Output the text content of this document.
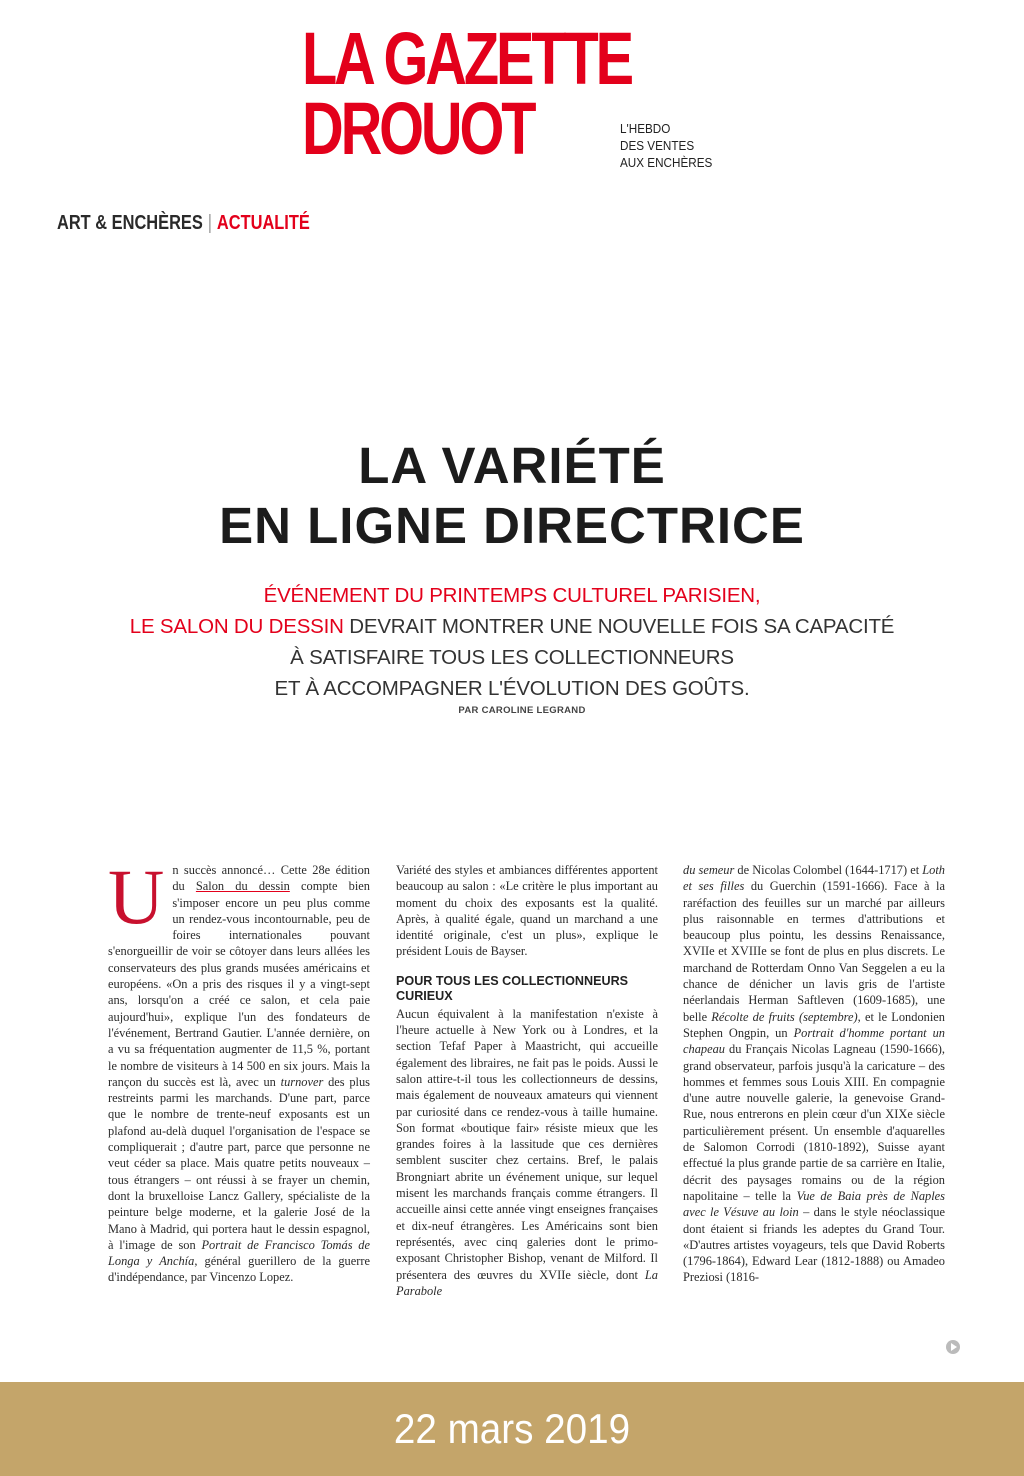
LA GAZETTE
DROUOT	L'HEBDO
DES VENTES
AUX ENCHÈRES
ART & ENCHÈRES | ACTUALITÉ
LA VARIÉTÉ
EN LIGNE DIRECTRICE
ÉVÉNEMENT DU PRINTEMPS CULTUREL PARISIEN,
LE SALON DU DESSIN DEVRAIT MONTRER UNE NOUVELLE FOIS SA CAPACITÉ
À SATISFAIRE TOUS LES COLLECTIONNEURS
ET À ACCOMPAGNER L'ÉVOLUTION DES GOÛTS.
PAR CAROLINE LEGRAND
Un succès annoncé… Cette 28e édition du Salon du dessin compte bien s'imposer encore un peu plus comme un rendez-vous incontournable, peu de foires internationales pouvant s'enorgueillir de voir se côtoyer dans leurs allées les conservateurs des plus grands musées américains et européens. «On a pris des risques il y a vingt-sept ans, lorsqu'on a créé ce salon, et cela paie aujourd'hui», explique l'un des fondateurs de l'événement, Bertrand Gautier. L'année dernière, on a vu sa fréquentation augmenter de 11,5 %, portant le nombre de visiteurs à 14 500 en six jours. Mais la rançon du succès est là, avec un turnover des plus restreints parmi les marchands. D'une part, parce que le nombre de trente-neuf exposants est un plafond au-delà duquel l'organisation de l'espace se compliquerait ; d'autre part, parce que personne ne veut céder sa place. Mais quatre petits nouveaux – tous étrangers – ont réussi à se frayer un chemin, dont la bruxelloise Lancz Gallery, spécialiste de la peinture belge moderne, et la galerie José de la Mano à Madrid, qui portera haut le dessin espagnol, à l'image de son Portrait de Francisco Tomás de Longa y Anchía, général guerillero de la guerre d'indépendance, par Vincenzo Lopez.
Variété des styles et ambiances différentes apportent beaucoup au salon : «Le critère le plus important au moment du choix des exposants est la qualité. Après, à qualité égale, quand un marchand a une identité originale, c'est un plus», explique le président Louis de Bayser.
POUR TOUS LES COLLECTIONNEURS CURIEUX
Aucun équivalent à la manifestation n'existe à l'heure actuelle à New York ou à Londres, et la section Tefaf Paper à Maastricht, qui accueille également des libraires, ne fait pas le poids. Aussi le salon attire-t-il tous les collectionneurs de dessins, mais également de nouveaux amateurs qui viennent par curiosité dans ce rendez-vous à taille humaine. Son format «boutique fair» résiste mieux que les grandes foires à la lassitude que ces dernières semblent susciter chez certains. Bref, le palais Brongniart abrite un événement unique, sur lequel misent les marchands français comme étrangers. Il accueille ainsi cette année vingt enseignes françaises et dix-neuf étrangères. Les Américains sont bien représentés, avec cinq galeries dont le primo-exposant Christopher Bishop, venant de Milford. Il présentera des œuvres du XVIIe siècle, dont La Parabole
du semeur de Nicolas Colombel (1644-1717) et Loth et ses filles du Guerchin (1591-1666). Face à la raréfaction des feuilles sur un marché par ailleurs plus raisonnable en termes d'attributions et beaucoup plus pointu, les dessins Renaissance, XVIIe et XVIIIe se font de plus en plus discrets. Le marchand de Rotterdam Onno Van Seggelen a eu la chance de dénicher un lavis gris de l'artiste néerlandais Herman Saftleven (1609-1685), une belle Récolte de fruits (septembre), et le Londonien Stephen Ongpin, un Portrait d'homme portant un chapeau du Français Nicolas Lagneau (1590-1666), grand observateur, parfois jusqu'à la caricature – des hommes et femmes sous Louis XIII. En compagnie d'une autre nouvelle galerie, la genevoise Grand-Rue, nous entrerons en plein cœur d'un XIXe siècle particulièrement présent. Un ensemble d'aquarelles de Salomon Corrodi (1810-1892), Suisse ayant effectué la plus grande partie de sa carrière en Italie, décrit des paysages romains ou de la région napolitaine – telle la Vue de Baia près de Naples avec le Vésuve au loin – dans le style néoclassique dont étaient si friands les adeptes du Grand Tour. «D'autres artistes voyageurs, tels que David Roberts (1796-1864), Edward Lear (1812-1888) ou Amadeo Preziosi (1816-
22 mars 2019
